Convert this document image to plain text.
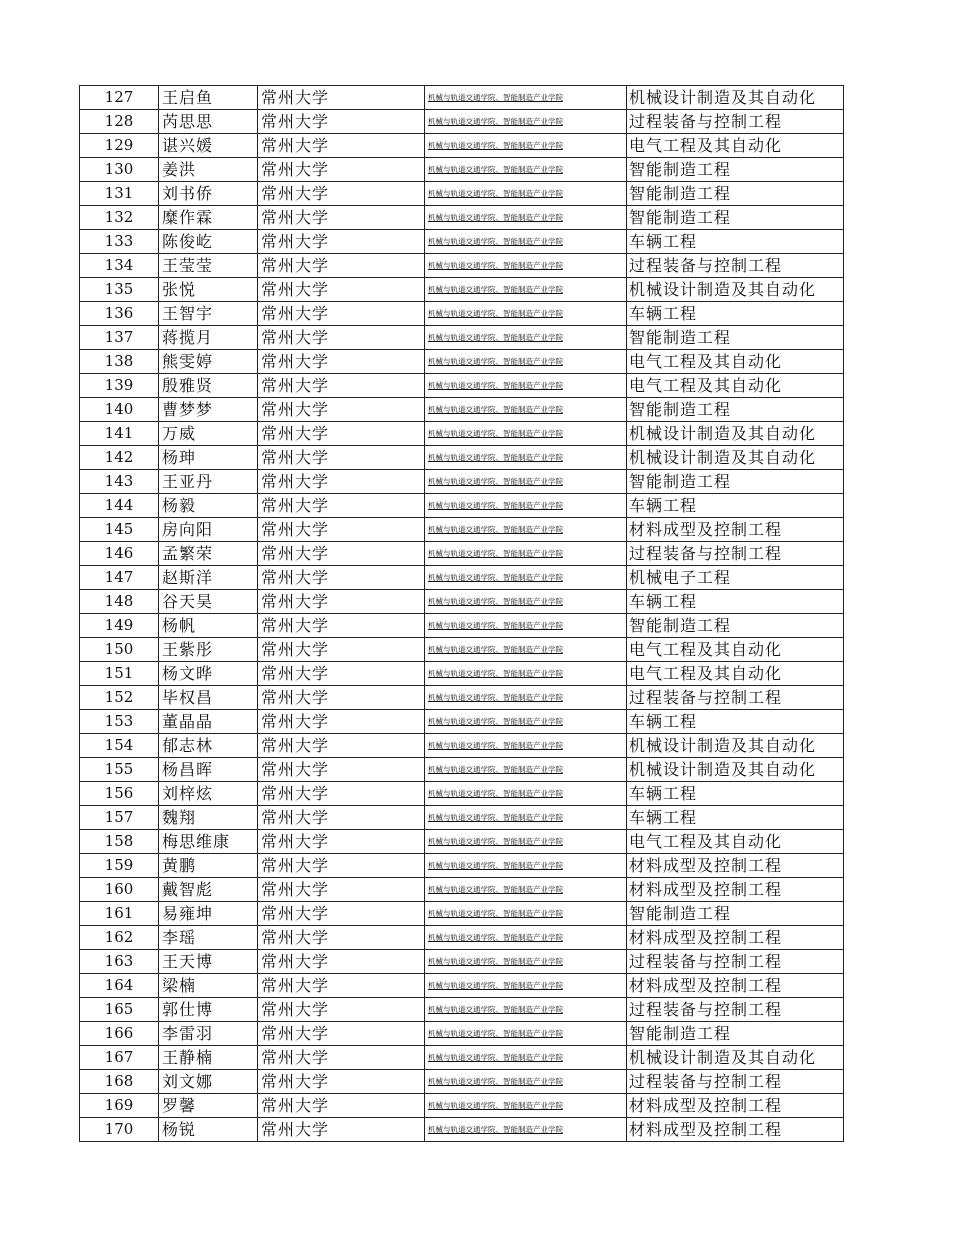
127	王启鱼	常州大学	机械与轨道交通学院、智能制造产业学院	机械设计制造及其自动化
128	芮思思	常州大学	机械与轨道交通学院、智能制造产业学院	过程装备与控制工程
129	谌兴媛	常州大学	机械与轨道交通学院、智能制造产业学院	电气工程及其自动化
130	姜洪	常州大学	机械与轨道交通学院、智能制造产业学院	智能制造工程
131	刘书侨	常州大学	机械与轨道交通学院、智能制造产业学院	智能制造工程
132	糜作霖	常州大学	机械与轨道交通学院、智能制造产业学院	智能制造工程
133	陈俊屹	常州大学	机械与轨道交通学院、智能制造产业学院	车辆工程
134	王莹莹	常州大学	机械与轨道交通学院、智能制造产业学院	过程装备与控制工程
135	张悦	常州大学	机械与轨道交通学院、智能制造产业学院	机械设计制造及其自动化
136	王智宇	常州大学	机械与轨道交通学院、智能制造产业学院	车辆工程
137	蒋揽月	常州大学	机械与轨道交通学院、智能制造产业学院	智能制造工程
138	熊雯婷	常州大学	机械与轨道交通学院、智能制造产业学院	电气工程及其自动化
139	殷雅贤	常州大学	机械与轨道交通学院、智能制造产业学院	电气工程及其自动化
140	曹梦梦	常州大学	机械与轨道交通学院、智能制造产业学院	智能制造工程
141	万威	常州大学	机械与轨道交通学院、智能制造产业学院	机械设计制造及其自动化
142	杨珅	常州大学	机械与轨道交通学院、智能制造产业学院	机械设计制造及其自动化
143	王亚丹	常州大学	机械与轨道交通学院、智能制造产业学院	智能制造工程
144	杨毅	常州大学	机械与轨道交通学院、智能制造产业学院	车辆工程
145	房向阳	常州大学	机械与轨道交通学院、智能制造产业学院	材料成型及控制工程
146	孟繁荣	常州大学	机械与轨道交通学院、智能制造产业学院	过程装备与控制工程
147	赵斯洋	常州大学	机械与轨道交通学院、智能制造产业学院	机械电子工程
148	谷天昊	常州大学	机械与轨道交通学院、智能制造产业学院	车辆工程
149	杨帆	常州大学	机械与轨道交通学院、智能制造产业学院	智能制造工程
150	王紫彤	常州大学	机械与轨道交通学院、智能制造产业学院	电气工程及其自动化
151	杨文晔	常州大学	机械与轨道交通学院、智能制造产业学院	电气工程及其自动化
152	毕权昌	常州大学	机械与轨道交通学院、智能制造产业学院	过程装备与控制工程
153	董晶晶	常州大学	机械与轨道交通学院、智能制造产业学院	车辆工程
154	郁志林	常州大学	机械与轨道交通学院、智能制造产业学院	机械设计制造及其自动化
155	杨昌晖	常州大学	机械与轨道交通学院、智能制造产业学院	机械设计制造及其自动化
156	刘梓炫	常州大学	机械与轨道交通学院、智能制造产业学院	车辆工程
157	魏翔	常州大学	机械与轨道交通学院、智能制造产业学院	车辆工程
158	梅思维康	常州大学	机械与轨道交通学院、智能制造产业学院	电气工程及其自动化
159	黄鹏	常州大学	机械与轨道交通学院、智能制造产业学院	材料成型及控制工程
160	戴智彪	常州大学	机械与轨道交通学院、智能制造产业学院	材料成型及控制工程
161	易雍坤	常州大学	机械与轨道交通学院、智能制造产业学院	智能制造工程
162	李瑶	常州大学	机械与轨道交通学院、智能制造产业学院	材料成型及控制工程
163	王天博	常州大学	机械与轨道交通学院、智能制造产业学院	过程装备与控制工程
164	梁楠	常州大学	机械与轨道交通学院、智能制造产业学院	材料成型及控制工程
165	郭仕博	常州大学	机械与轨道交通学院、智能制造产业学院	过程装备与控制工程
166	李雷羽	常州大学	机械与轨道交通学院、智能制造产业学院	智能制造工程
167	王静楠	常州大学	机械与轨道交通学院、智能制造产业学院	机械设计制造及其自动化
168	刘文娜	常州大学	机械与轨道交通学院、智能制造产业学院	过程装备与控制工程
169	罗馨	常州大学	机械与轨道交通学院、智能制造产业学院	材料成型及控制工程
170	杨锐	常州大学	机械与轨道交通学院、智能制造产业学院	材料成型及控制工程
